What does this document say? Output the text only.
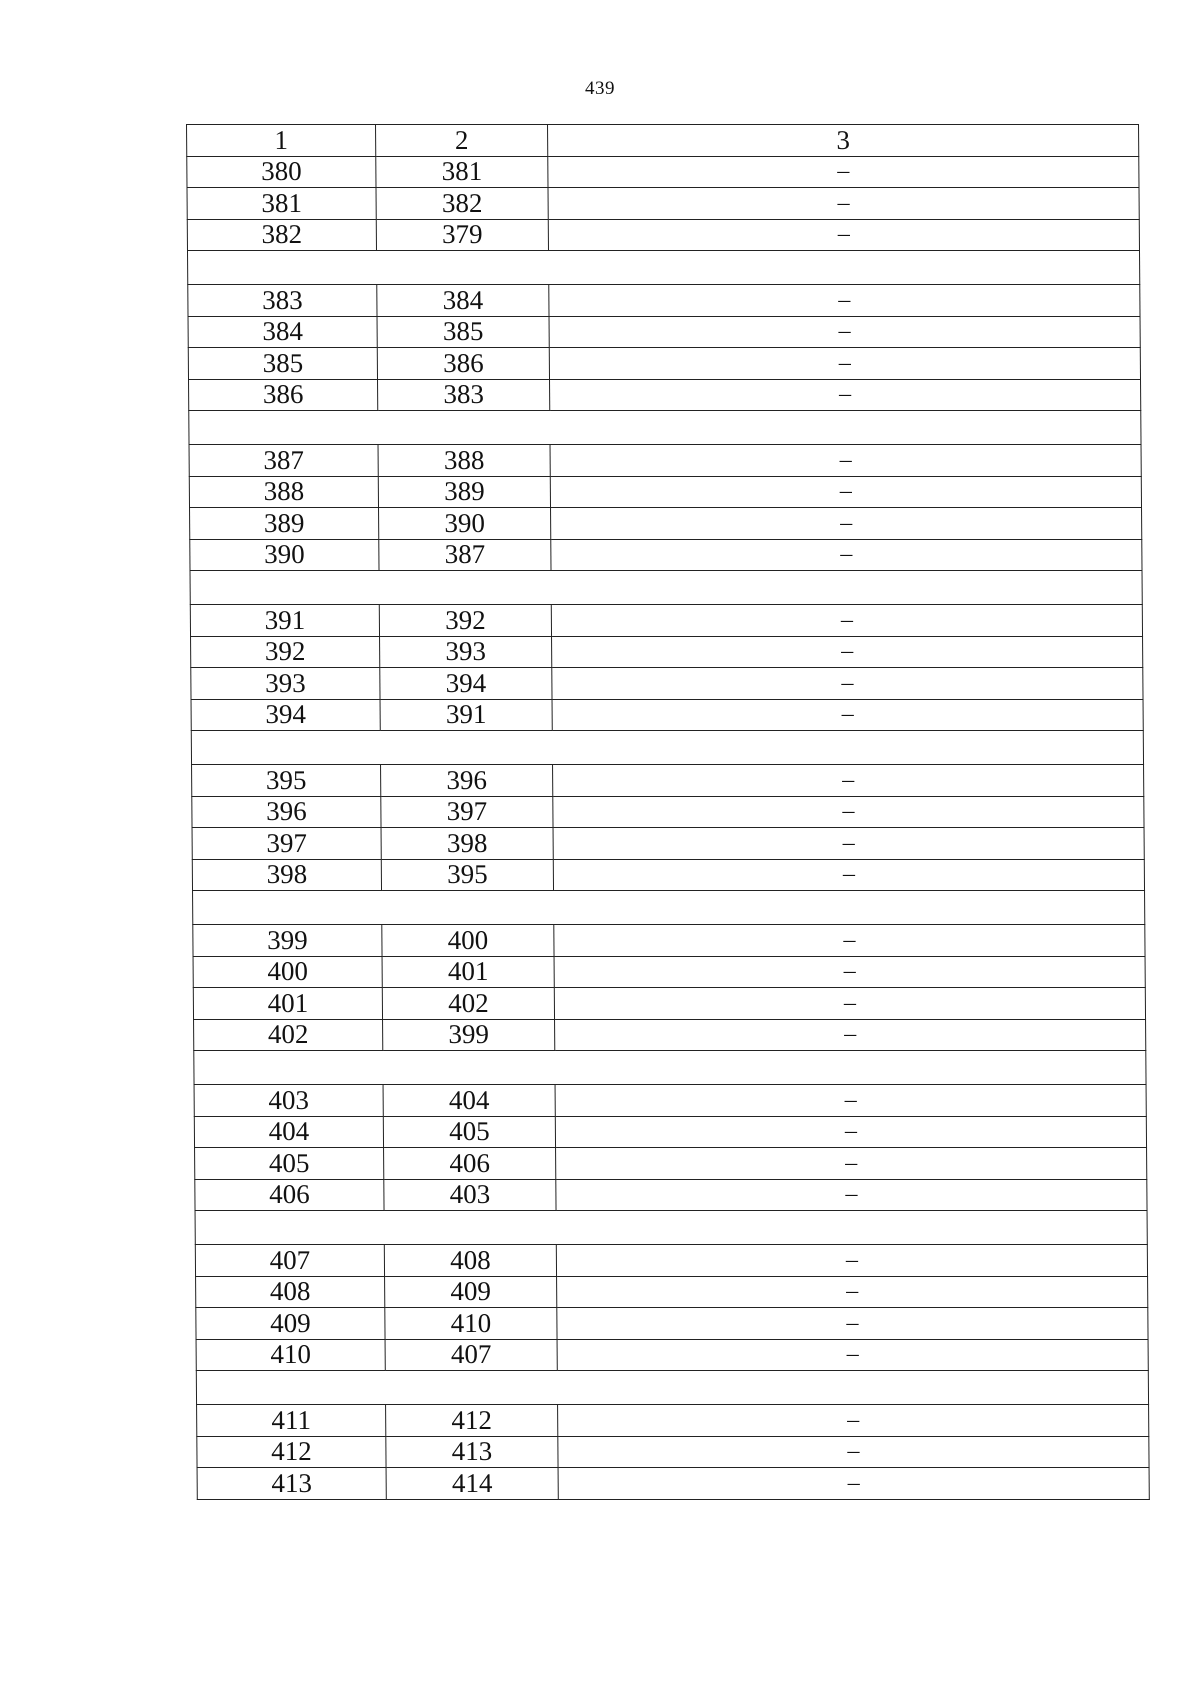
439
1	2	3
380	381	–
381	382	–
382	379	–

383	384	–
384	385	–
385	386	–
386	383	–

387	388	–
388	389	–
389	390	–
390	387	–

391	392	–
392	393	–
393	394	–
394	391	–

395	396	–
396	397	–
397	398	–
398	395	–

399	400	–
400	401	–
401	402	–
402	399	–

403	404	–
404	405	–
405	406	–
406	403	–

407	408	–
408	409	–
409	410	–
410	407	–

411	412	–
412	413	–
413	414	–
